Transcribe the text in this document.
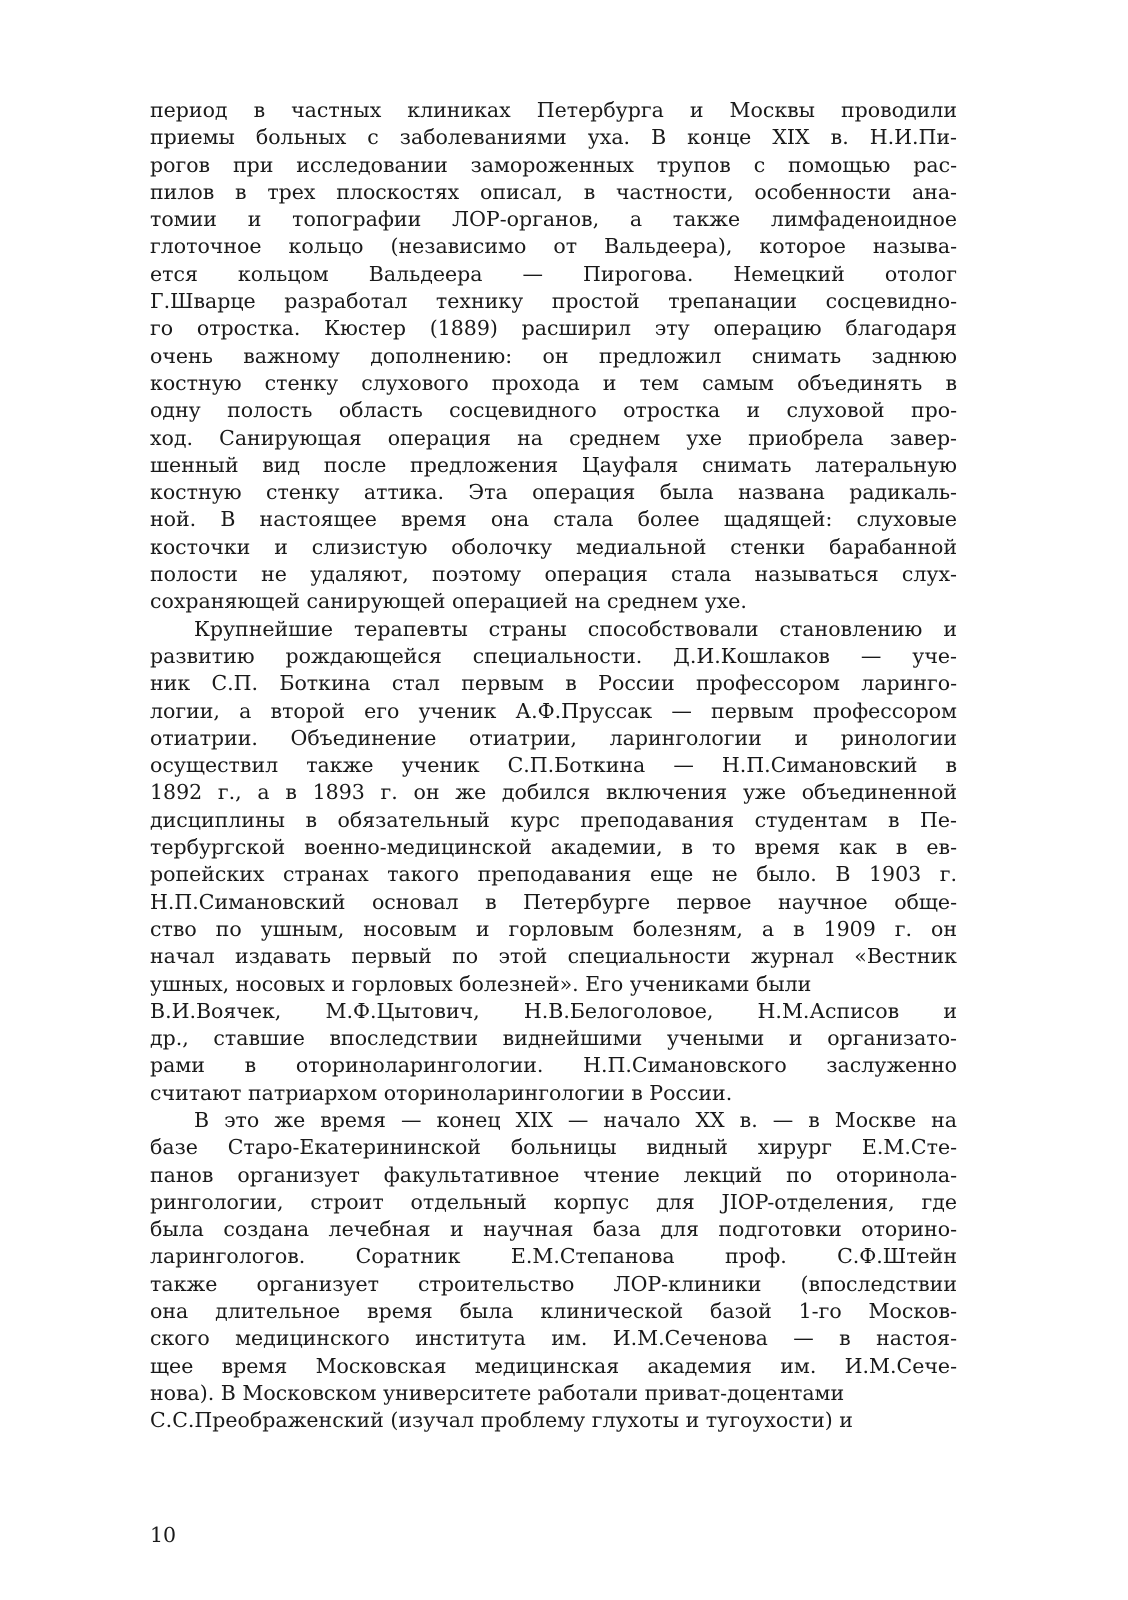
период в частных клиниках Петербурга и Москвы проводили
приемы больных с заболеваниями уха. В конце XIX в. Н.И.Пи-
рогов при исследовании замороженных трупов с помощью рас-
пилов в трех плоскостях описал, в частности, особенности ана-
томии и топографии ЛОР-органов, а также лимфаденоидное
глоточное кольцо (независимо от Вальдеера), которое называ-
ется кольцом Вальдеера — Пирогова. Немецкий отолог
Г.Шварце разработал технику простой трепанации сосцевидно-
го отростка. Кюстер (1889) расширил эту операцию благодаря
очень важному дополнению: он предложил снимать заднюю
костную стенку слухового прохода и тем самым объединять в
одну полость область сосцевидного отростка и слуховой про-
ход. Санирующая операция на среднем ухе приобрела завер-
шенный вид после предложения Цауфаля снимать латеральную
костную стенку аттика. Эта операция была названа радикаль-
ной. В настоящее время она стала более щадящей: слуховые
косточки и слизистую оболочку медиальной стенки барабанной
полости не удаляют, поэтому операция стала называться слух-
сохраняющей санирующей операцией на среднем ухе.
Крупнейшие терапевты страны способствовали становлению и
развитию рождающейся специальности. Д.И.Кошлаков — уче-
ник С.П. Боткина стал первым в России профессором ларинго-
логии, а второй его ученик А.Ф.Пруссак — первым профессором
отиатрии. Объединение отиатрии, ларингологии и ринологии
осуществил также ученик С.П.Боткина — Н.П.Симановский в
1892 г., а в 1893 г. он же добился включения уже объединенной
дисциплины в обязательный курс преподавания студентам в Пе-
тербургской военно-медицинской академии, в то время как в ев-
ропейских странах такого преподавания еще не было. В 1903 г.
Н.П.Симановский основал в Петербурге первое научное обще-
ство по ушным, носовым и горловым болезням, а в 1909 г. он
начал издавать первый по этой специальности журнал «Вестник
ушных, носовых и горловых болезней». Его учениками были
В.И.Воячек, М.Ф.Цытович, Н.В.Белоголовое, Н.М.Асписов и
др., ставшие впоследствии виднейшими учеными и организато-
рами в оториноларингологии. Н.П.Симановского заслуженно
считают патриархом оториноларингологии в России.
В это же время — конец XIX — начало XX в. — в Москве на
базе Старо-Екатерининской больницы видный хирург Е.М.Сте-
панов организует факультативное чтение лекций по оторинола-
рингологии, строит отдельный корпус для JIOP-отделения, где
была создана лечебная и научная база для подготовки оторино-
ларингологов. Соратник Е.М.Степанова проф. С.Ф.Штейн
также организует строительство ЛОР-клиники (впоследствии
она длительное время была клинической базой 1-го Москов-
ского медицинского института им. И.М.Сеченова — в настоя-
щее время Московская медицинская академия им. И.М.Сече-
нова). В Московском университете работали приват-доцентами
С.С.Преображенский (изучал проблему глухоты и тугоухости) и
10
